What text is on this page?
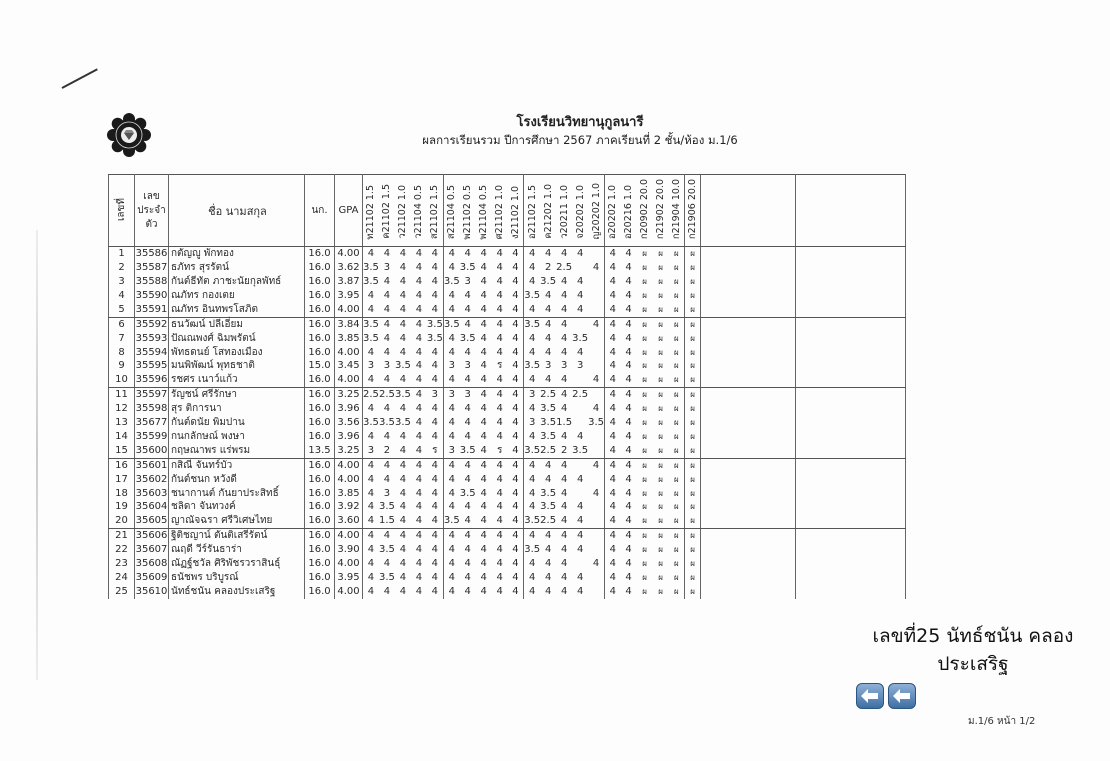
โรงเรียนวิทยานุกูลนารี
ผลการเรียนรวม ปีการศึกษา 2567 ภาคเรียนที่ 2 ชั้น/ห้อง ม.1/6
เลขที่	เลข
ประจำ
ตัว	ชื่อ นามสกุล	นก.	GPA	ท21102 1.5	ค21102 1.5	ว21102 1.0	ว21104 0.5	ส21102 1.5	ส21104 0.5	พ21102 0.5	พ21104 0.5	ศ21102 1.0	ง21102 1.0	อ21102 1.5	ค21202 1.0	ว20211 1.0	จ20202 1.0	ญ20202 1.0	อ20202 1.0	อ20216 1.0	ก20902 20.0	ก21902 20.0	ก21904 10.0	ก21906 20.0		
1	35586	กตัญญู พักทอง	16.0	4.00	4	4	4	4	4	4	4	4	4	4	4	4	4	4		4	4	ผ	ผ	ผ	ผ		
2	35587	ธภัทร สุรรัตน์	16.0	3.62	3.5	3	4	4	4	4	3.5	4	4	4	4	2	2.5		4	4	4	ผ	ผ	ผ	ผ		
3	35588	กันต์ธีทัต ภาชะนัยกุลพัทธ์	16.0	3.87	3.5	4	4	4	4	3.5	3	4	4	4	4	3.5	4	4		4	4	ผ	ผ	ผ	ผ		
4	35590	ณภัทร กองเตย	16.0	3.95	4	4	4	4	4	4	4	4	4	4	3.5	4	4	4		4	4	ผ	ผ	ผ	ผ		
5	35591	ณภัทร อินทพรโสภิต	16.0	4.00	4	4	4	4	4	4	4	4	4	4	4	4	4	4		4	4	ผ	ผ	ผ	ผ		
6	35592	ธนวัฒน์ ปลีเอี่ยม	16.0	3.84	3.5	4	4	4	3.5	3.5	4	4	4	4	3.5	4	4		4	4	4	ผ	ผ	ผ	ผ		
7	35593	ปัณณพงศ์ ฉิมพรัตน์	16.0	3.85	3.5	4	4	4	3.5	4	3.5	4	4	4	4	4	4	3.5		4	4	ผ	ผ	ผ	ผ		
8	35594	พัทธดนย์ โสทองเมือง	16.0	4.00	4	4	4	4	4	4	4	4	4	4	4	4	4	4		4	4	ผ	ผ	ผ	ผ		
9	35595	มนพิพัฒน์ พุทธชาติ	15.0	3.45	3	3	3.5	4	4	3	3	4	ร	4	3.5	3	3	3		4	4	ผ	ผ	ผ	ผ		
10	35596	รชศร เนาว์แก้ว	16.0	4.00	4	4	4	4	4	4	4	4	4	4	4	4	4		4	4	4	ผ	ผ	ผ	ผ		
11	35597	รัญชน์ ศรีรักษา	16.0	3.25	2.5	2.5	3.5	4	3	3	3	4	4	4	3	2.5	4	2.5		4	4	ผ	ผ	ผ	ผ		
12	35598	สุร ติการนา	16.0	3.96	4	4	4	4	4	4	4	4	4	4	4	3.5	4		4	4	4	ผ	ผ	ผ	ผ		
13	35677	กันต์ดนัย พิมปาน	16.0	3.56	3.5	3.5	3.5	4	4	4	4	4	4	4	3	3.5	1.5		3.5	4	4	ผ	ผ	ผ	ผ		
14	35599	กนกลักษณ์ พงษา	16.0	3.96	4	4	4	4	4	4	4	4	4	4	4	3.5	4	4		4	4	ผ	ผ	ผ	ผ		
15	35600	กฤษณาพร แร่พรม	13.5	3.25	3	2	4	4	ร	3	3.5	4	ร	4	3.5	2.5	2	3.5		4	4	ผ	ผ	ผ	ผ		
16	35601	กสิณี จันทร์บัว	16.0	4.00	4	4	4	4	4	4	4	4	4	4	4	4	4		4	4	4	ผ	ผ	ผ	ผ		
17	35602	กันต์ชนก หวังดี	16.0	4.00	4	4	4	4	4	4	4	4	4	4	4	4	4	4		4	4	ผ	ผ	ผ	ผ		
18	35603	ชนากานต์ กันยาประสิทธิ์	16.0	3.85	4	3	4	4	4	4	3.5	4	4	4	4	3.5	4		4	4	4	ผ	ผ	ผ	ผ		
19	35604	ชลิดา จันทวงค์	16.0	3.92	4	3.5	4	4	4	4	4	4	4	4	4	3.5	4	4		4	4	ผ	ผ	ผ	ผ		
20	35605	ญาณัจฉรา ศรีวิเศษไทย	16.0	3.60	4	1.5	4	4	4	3.5	4	4	4	4	3.5	2.5	4	4		4	4	ผ	ผ	ผ	ผ		
21	35606	ฐิติชญาน์ ตันติเสรีรัตน์	16.0	4.00	4	4	4	4	4	4	4	4	4	4	4	4	4	4		4	4	ผ	ผ	ผ	ผ		
22	35607	ณฤดี วีร์รันธาร่า	16.0	3.90	4	3.5	4	4	4	4	4	4	4	4	3.5	4	4	4		4	4	ผ	ผ	ผ	ผ		
23	35608	ณัฏฐ์ชวัล ศิริพัชรวราสินธุ์	16.0	4.00	4	4	4	4	4	4	4	4	4	4	4	4	4		4	4	4	ผ	ผ	ผ	ผ		
24	35609	ธนัชพร บริบูรณ์	16.0	3.95	4	3.5	4	4	4	4	4	4	4	4	4	4	4	4		4	4	ผ	ผ	ผ	ผ		
25	35610	นัทธ์ชนัน คลองประเสริฐ	16.0	4.00	4	4	4	4	4	4	4	4	4	4	4	4	4	4		4	4	ผ	ผ	ผ	ผ		
เลขที่25 นัทธ์ชนัน คลองประเสริฐ
ม.1/6 หน้า 1/2
